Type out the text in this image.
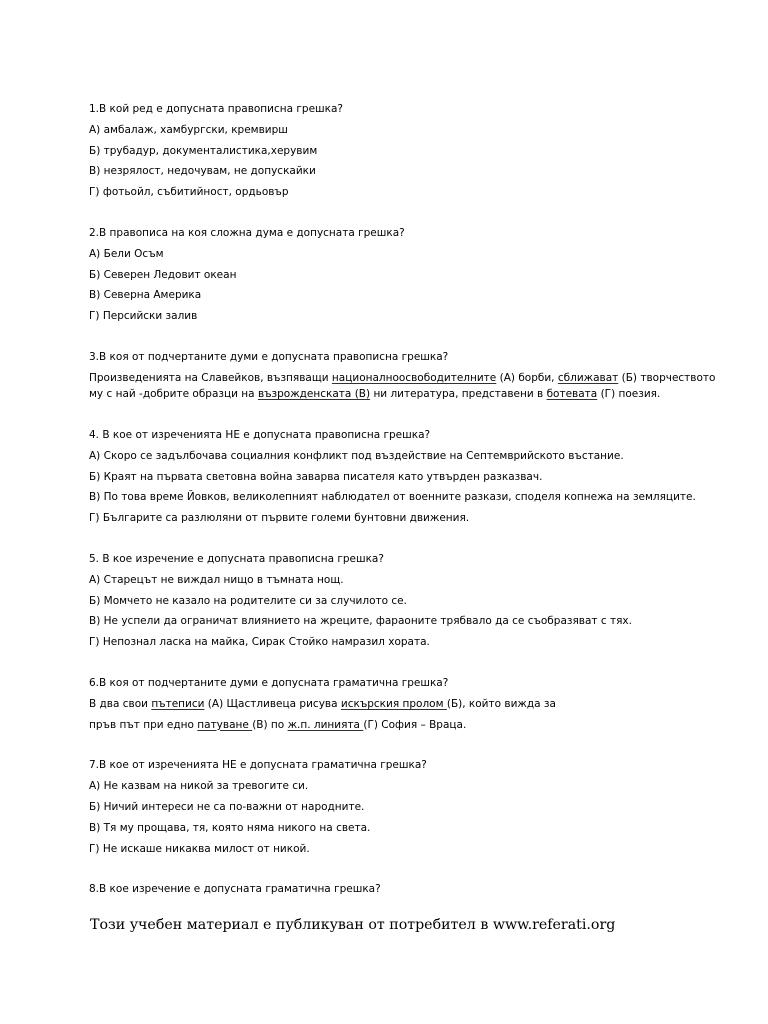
1.В кой ред е допусната правописна грешка?
А) амбалаж, хамбургски, кремвирш
Б) трубадур, документалистика,херувим
В) незрялост, недочувам, не допускайки
Г) фотьойл, събитийност, ордьовър
2.В правописа на коя сложна дума е допусната грешка?
А) Бели Осъм
Б) Северен Ледовит океан
В) Северна Америка
Г) Персийски залив
3.В коя от подчертаните думи е допусната правописна грешка?
Произведенията на Славейков, възпяващи националноосвободителните (А) борби, сближават (Б) творчеството
му с най -добрите образци на възрожденската (В) ни литература, представени в ботевата (Г) поезия.
4. В кое от изреченията НЕ е допусната правописна грешка?
А) Скоро се задълбочава социалния конфликт под въздействие на Септемврийското въстание.
Б) Краят на първата световна война заварва писателя като утвърден разказвач.
В) По това време Йовков, великолепният наблюдател от военните разкази, споделя копнежа на земляците.
Г) Българите са разлюляни от първите големи бунтовни движения.
5. В кое изречение е допусната правописна грешка?
А) Старецът не виждал нищо в тъмната нощ.
Б) Момчето не казало на родителите си за случилото се.
В) Не успели да ограничат влиянието на жреците, фараоните трябвало да се съобразяват с тях.
Г) Непознал ласка на майка, Сирак Стойко намразил хората.
6.В коя от подчертаните думи е допусната граматична грешка?
В два свои пътеписи (А) Щастливеца рисува искърския пролом (Б), който вижда за
пръв път при едно патуване (В) по ж.п. линията (Г) София – Враца.
7.В кое от изреченията НЕ е допусната граматична грешка?
А) Не казвам на никой за тревогите си.
Б) Ничий интереси не са по-важни от народните.
В) Тя му прощава, тя, която няма никого на света.
Г) Не искаше никаква милост от никой.
8.В кое изречение е допусната граматична грешка?
Този учебен материал е публикуван от потребител в www.referati.org
